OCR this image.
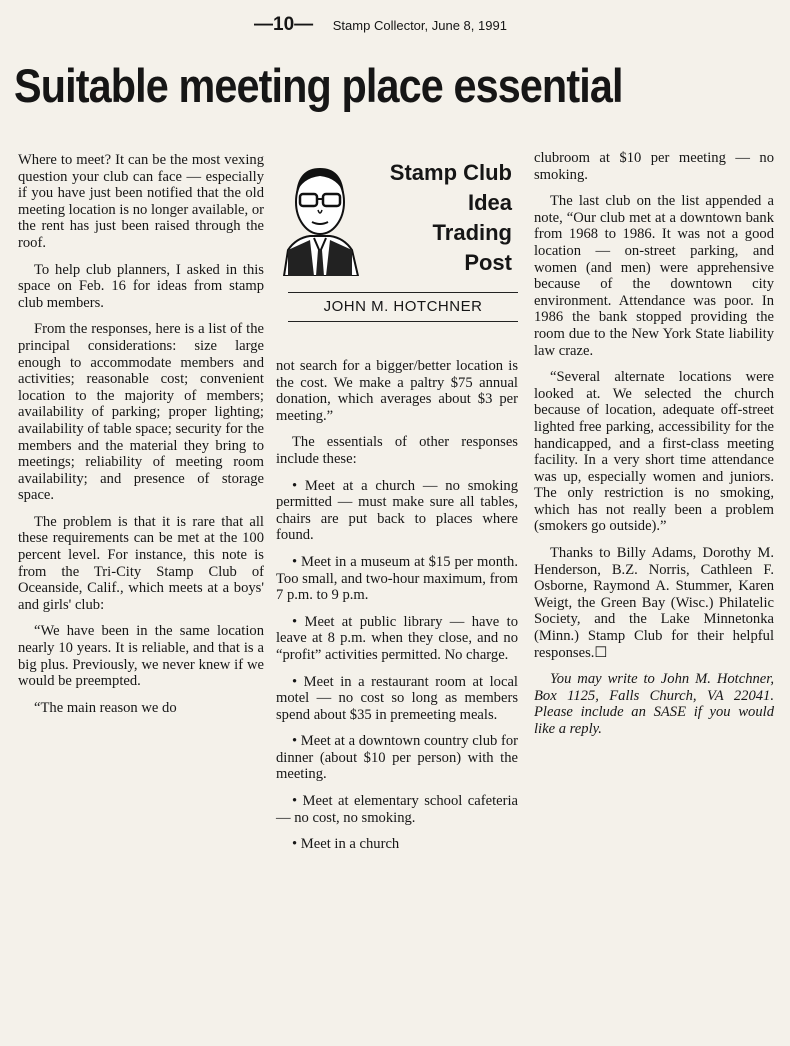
—10— Stamp Collector, June 8, 1991
Suitable meeting place essential

Where to meet? It can be the most vexing question your club can face — especially if you have just been notified that the old meeting location is no longer available, or the rent has just been raised through the roof.

To help club planners, I asked in this space on Feb. 16 for ideas from stamp club members.

From the responses, here is a list of the principal considerations: size large enough to accommodate members and activities; reasonable cost; convenient location to the majority of members; availability of parking; proper lighting; availability of table space; security for the members and the material they bring to meetings; reliability of meeting room availability; and presence of storage space.

The problem is that it is rare that all these requirements can be met at the 100 percent level. For instance, this note is from the Tri-City Stamp Club of Oceanside, Calif., which meets at a boys' and girls' club:

“We have been in the same location nearly 10 years. It is reliable, and that is a big plus. Previously, we never knew if we would be preempted.

“The main reason we do

Stamp Club
Idea
Trading
Post
JOHN M. HOTCHNER

not search for a bigger/better location is the cost. We make a paltry $75 annual donation, which averages about $3 per meeting.”

The essentials of other responses include these:

• Meet at a church — no smoking permitted — must make sure all tables, chairs are put back to places where found.

• Meet in a museum at $15 per month. Too small, and two-hour maximum, from 7 p.m. to 9 p.m.

• Meet at public library — have to leave at 8 p.m. when they close, and no “profit” activities permitted. No charge.

• Meet in a restaurant room at local motel — no cost so long as members spend about $35 in premeeting meals.

• Meet at a downtown country club for dinner (about $10 per person) with the meeting.

• Meet at elementary school cafeteria — no cost, no smoking.

• Meet in a church

clubroom at $10 per meeting — no smoking.

The last club on the list appended a note, “Our club met at a downtown bank from 1968 to 1986. It was not a good location — on-street parking, and women (and men) were apprehensive because of the downtown city environment. Attendance was poor. In 1986 the bank stopped providing the room due to the New York State liability law craze.

“Several alternate locations were looked at. We selected the church because of location, adequate off-street lighted free parking, accessibility for the handicapped, and a first-class meeting facility. In a very short time attendance was up, especially women and juniors. The only restriction is no smoking, which has not really been a problem (smokers go outside).”

Thanks to Billy Adams, Dorothy M. Henderson, B.Z. Norris, Cathleen F. Osborne, Raymond A. Stummer, Karen Weigt, the Green Bay (Wisc.) Philatelic Society, and the Lake Minnetonka (Minn.) Stamp Club for their helpful responses.☐

You may write to John M. Hotchner, Box 1125, Falls Church, VA 22041. Please include an SASE if you would like a reply.
